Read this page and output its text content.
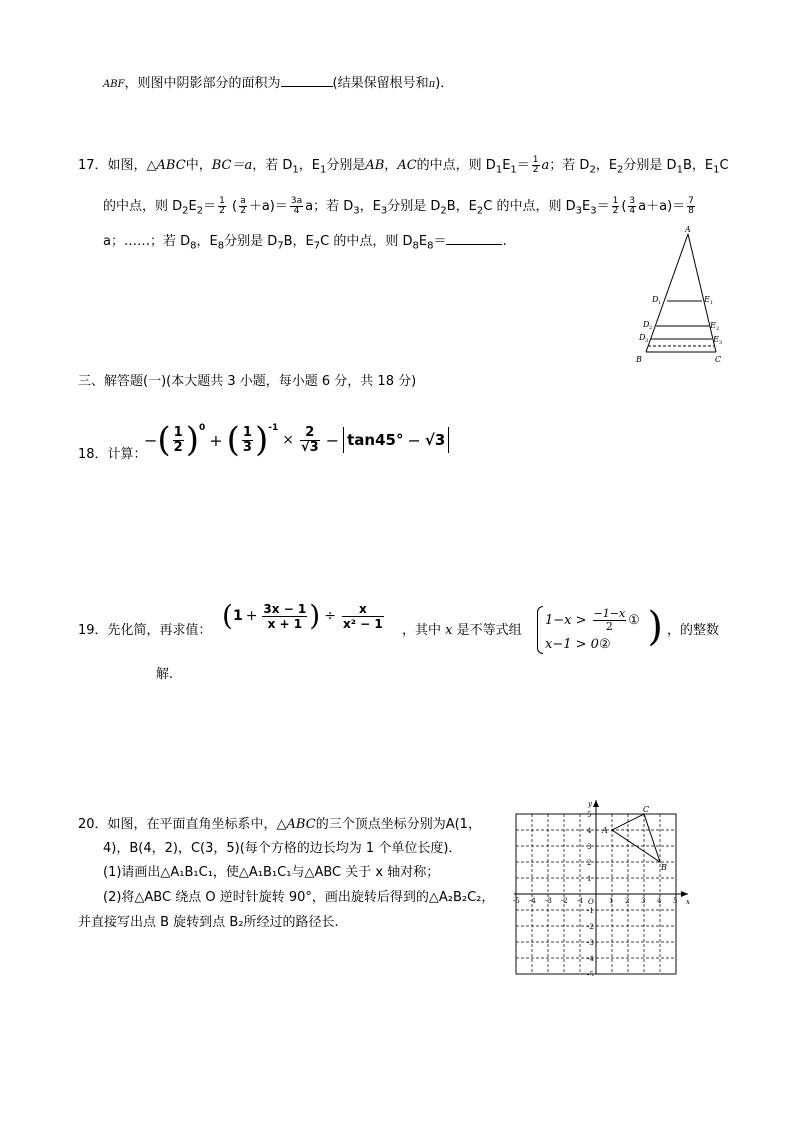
ABF，则图中阴影部分的面积为	(结果保留根号和π)．
17．如图，△ABC中，BC＝a，若 $D_1$，$E_1$分别是AB，AC的中点，则 $D_1E_1= \frac{1}{2}$ a；若 $D_2$，$E_2$分别是 $D_1B$，$E_1C$
的中点，则 $D_2E_2= \frac{1}{2}$ ( $\frac{a}{2} +a)= \frac{3a}{4}$ a；若 $D_3$，$E_3$分别是 $D_2B$，$E_2C$ 的中点，则 $D_3E_3= \frac{1}{2}$ ( $\frac{3}{4} a+a)= \frac{7}{8}$
a；……；若 $D_8$，$E_8$分别是 $D_7B$，$E_7C$ 的中点，则 $D_8E_8=$	.
A
B	C
D	E
D	E
D	E
1	1
2	2
3	3
三、解答题(一)(本大题共 3 小题，每小题 6 分，共 18 分)
18．计算：
− ( $\frac{1}{2}$ ) 0
+ ( $\frac{1}{3}$ ) -1
× $\frac{2}{√3} - \tan 45^\circ - √3$
19．先化简，再求值： ( $1 + \frac{3x - 1}{x + 1}$ ) ÷ $\frac{x}{\text{x² − 1}}$ ，其中 x 是不等式组
$1-x > \frac{-1-x}{2}$ ①
x−1 > 0② ) ，的整数
解.
20．如图，在平面直角坐标系中，△ABC的三个顶点坐标分别为A(1，
4)，B(4，2)，C(3，5)(每个方格的边长均为 1 个单位长度)．
(1)请画出△A₁B₁C₁，使△A₁B₁C₁与△ABC 关于 x 轴对称；
(2)将△ABC 绕点 O 逆时针旋转 90°，画出旋转后得到的△A₂B₂C₂，
并直接写出点 B 旋转到点 B₂所经过的路径长.
x
y
O
-5 -4 -3 -2 -1	1 2 3 4 5
5
4
3
2
1
-1
-2
-3
-4
-5
A
B
C
